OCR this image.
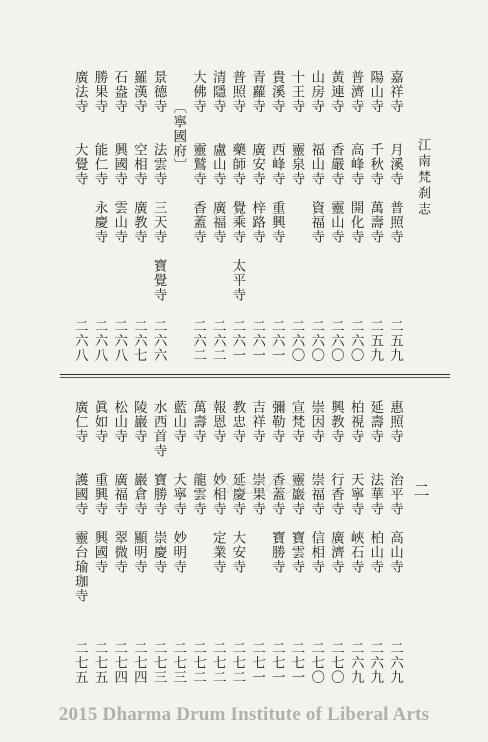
江南梵刹志
二
嘉祥寺　　月溪寺　普照寺
二五九
陽山寺　　千秋寺　萬壽寺
二五九
普濟寺　　高峰寺　開化寺
二六〇
黃連寺　　香嚴寺　靈山寺
二六〇
山房寺　　福山寺　資福寺
二六〇
十王寺　　靈泉寺
二六〇
貴溪寺　　西峰寺　重興寺
二六一
青蘿寺　　廣安寺　梓路寺
二六一
普照寺　　藥師寺　覺乘寺　太平寺
二六一
清隱寺　　盧山寺　廣福寺
二六二
大佛寺　　靈鷲寺　香蓋寺
二六二
〔寧國府〕
景德寺　　法雲寺　三天寺　寶覺寺
二六六
羅漢寺　　空相寺　廣教寺
二六七
石盎寺　　興國寺　雲山寺
二六八
勝果寺　　能仁寺　永慶寺
二六八
廣法寺　　大覺寺
二六八
惠照寺　　治平寺　高山寺
二六九
延壽寺　　法華寺　柏山寺
二六九
柏視寺　　天寧寺　峽石寺
二六九
興教寺　　行香寺　廣濟寺
二七〇
崇因寺　　崇福寺　信相寺
二七〇
宣梵寺　　靈巖寺　寶雲寺
二七一
彌勒寺　　香蓋寺　寶勝寺
二七一
吉祥寺　　崇果寺
二七一
教忠寺　　延慶寺　大安寺
二七二
報恩寺　　妙相寺　定業寺
二七二
萬壽寺　　龍雲寺
二七二
藍山寺　　大寧寺　妙明寺
二七三
水西首寺　寶勝寺　崇慶寺
二七三
陵巖寺　　巖倉寺　顯明寺
二七四
松山寺　　廣福寺　翠微寺
二七四
眞如寺　　重興寺　興國寺
二七五
廣仁寺　　護國寺　靈台瑜珈寺
二七五
◯◯◯◯◯◯◯
2015 Dharma Drum Institute of Liberal Arts
